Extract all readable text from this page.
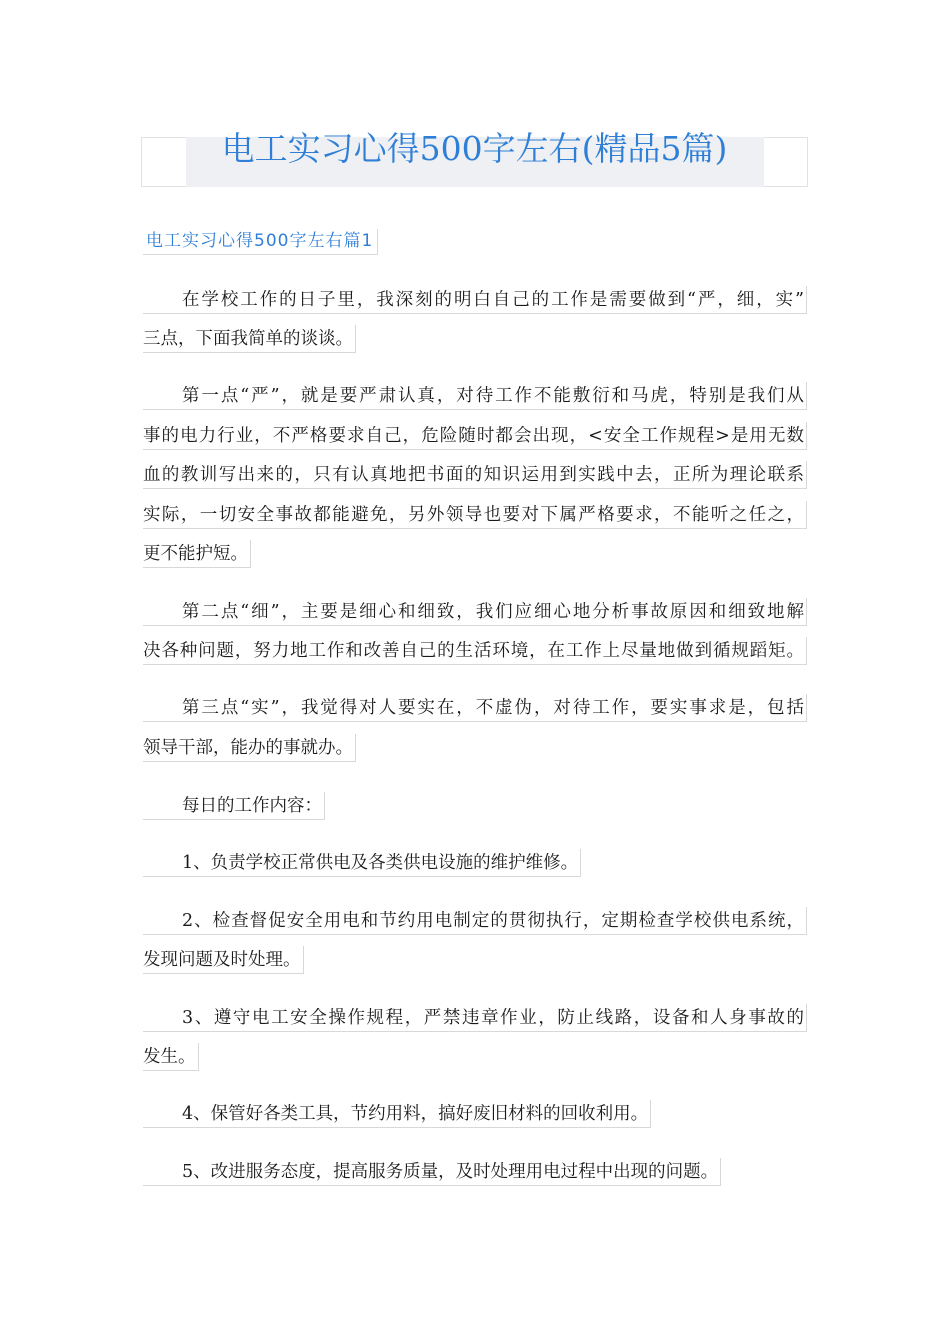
电工实习心得500字左右(精品5篇)
电工实习心得500字左右篇1
在学校工作的日子里，我深刻的明白自己的工作是需要做到“严，细，实”
三点，下面我简单的谈谈。
第一点“严”，就是要严肃认真，对待工作不能敷衍和马虎，特别是我们从
事的电力行业，不严格要求自己，危险随时都会出现，<安全工作规程>是用无数
血的教训写出来的，只有认真地把书面的知识运用到实践中去，正所为理论联系
实际，一切安全事故都能避免，另外领导也要对下属严格要求，不能听之任之，
更不能护短。
第二点“细”，主要是细心和细致，我们应细心地分析事故原因和细致地解
决各种问题，努力地工作和改善自己的生活环境，在工作上尽量地做到循规蹈矩。
第三点“实”，我觉得对人要实在，不虚伪，对待工作，要实事求是，包括
领导干部，能办的事就办。
每日的工作内容：
1、负责学校正常供电及各类供电设施的维护维修。
2、检查督促安全用电和节约用电制定的贯彻执行，定期检查学校供电系统，
发现问题及时处理。
3、遵守电工安全操作规程，严禁违章作业，防止线路，设备和人身事故的
发生。
4、保管好各类工具，节约用料，搞好废旧材料的回收利用。
5、改进服务态度，提高服务质量，及时处理用电过程中出现的问题。
